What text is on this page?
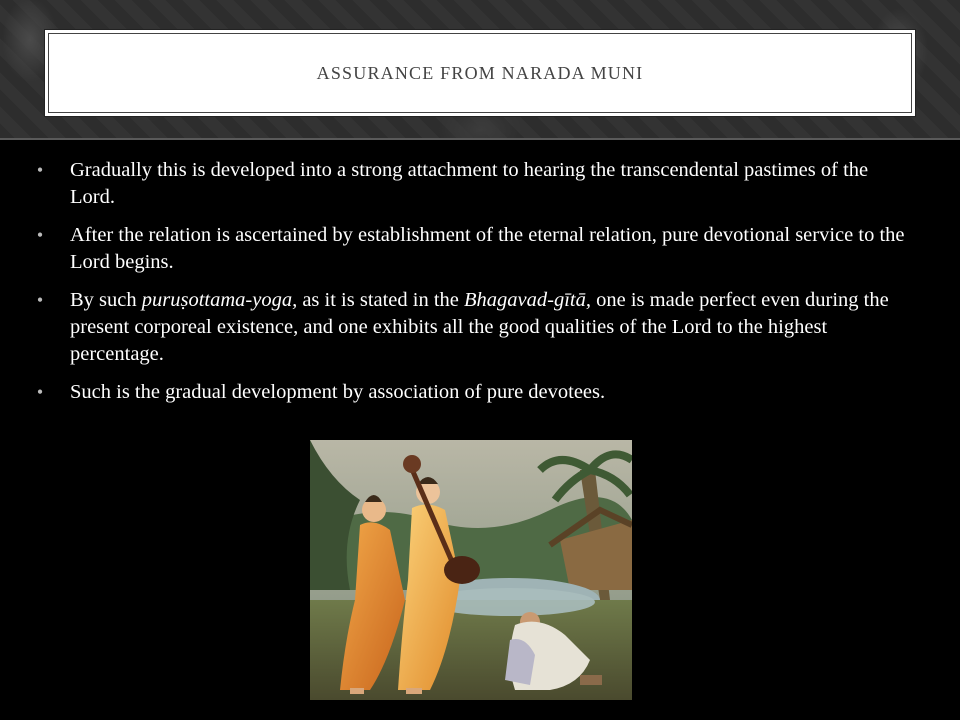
ASSURANCE FROM NARADA MUNI
•	Gradually this is developed into a strong attachment to hearing the transcendental pastimes of the Lord.
•	After the relation is ascertained by establishment of the eternal relation, pure devotional service to the Lord begins.
•	By such puruṣottama-yoga, as it is stated in the Bhagavad-gītā, one is made perfect even during the present corporeal existence, and one exhibits all the good qualities of the Lord to the highest percentage.
•	Such is the gradual development by association of pure devotees.
